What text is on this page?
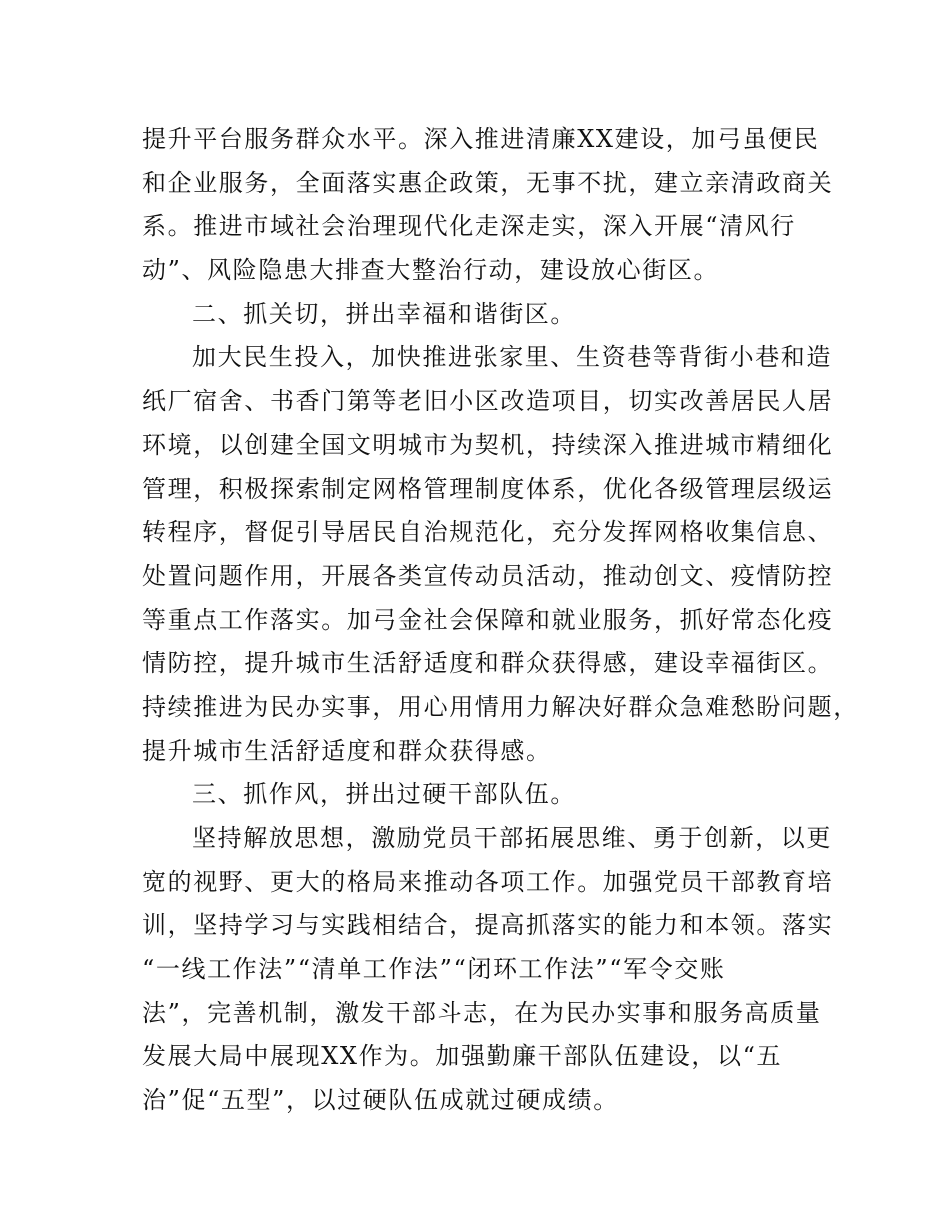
提升平台服务群众水平。深入推进清廉XX建设，加弓虽便民
和企业服务，全面落实惠企政策，无事不扰，建立亲清政商关
系。推进市域社会治理现代化走深走实，深入开展“清风行
动”、风险隐患大排查大整治行动，建设放心街区。
二、抓关切，拼出幸福和谐街区。
加大民生投入，加快推进张家里、生资巷等背街小巷和造
纸厂宿舍、书香门第等老旧小区改造项目，切实改善居民人居
环境，以创建全国文明城市为契机，持续深入推进城市精细化
管理，积极探索制定网格管理制度体系，优化各级管理层级运
转程序，督促引导居民自治规范化，充分发挥网格收集信息、
处置问题作用，开展各类宣传动员活动，推动创文、疫情防控
等重点工作落实。加弓金社会保障和就业服务，抓好常态化疫
情防控，提升城市生活舒适度和群众获得感，建设幸福街区。
持续推进为民办实事，用心用情用力解决好群众急难愁盼问题，
提升城市生活舒适度和群众获得感。
三、抓作风，拼出过硬干部队伍。
坚持解放思想，激励党员干部拓展思维、勇于创新，以更
宽的视野、更大的格局来推动各项工作。加强党员干部教育培
训，坚持学习与实践相结合，提高抓落实的能力和本领。落实
“一线工作法”“清单工作法”“闭环工作法”“军令交账
法”，完善机制，激发干部斗志，在为民办实事和服务高质量
发展大局中展现XX作为。加强勤廉干部队伍建设，以“五
治”促“五型”，以过硬队伍成就过硬成绩。
